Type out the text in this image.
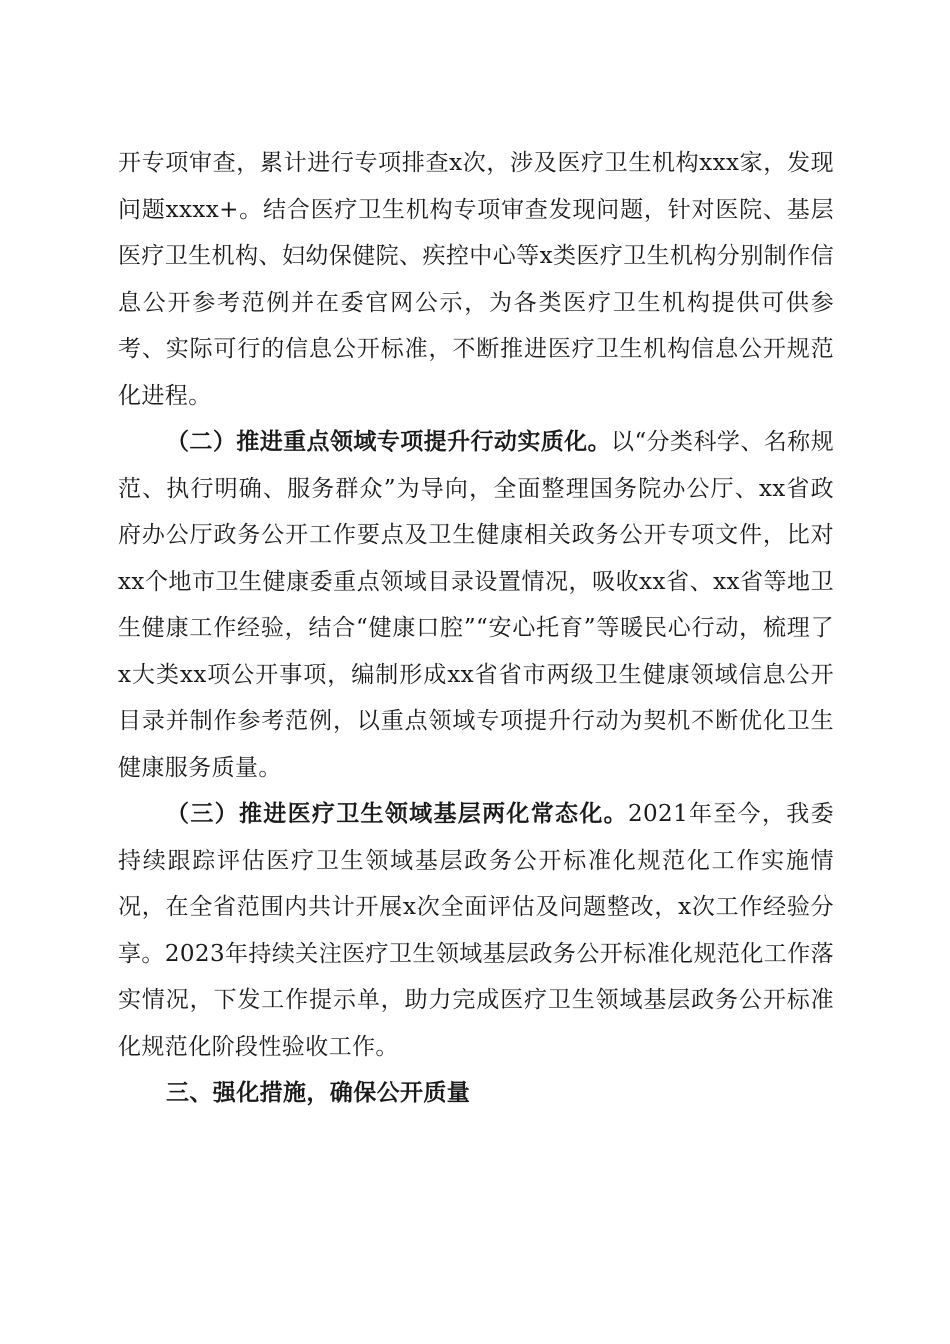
开专项审查，累计进行专项排查x次，涉及医疗卫生机构xxx家，发现问题xxxx+。结合医疗卫生机构专项审查发现问题，针对医院、基层医疗卫生机构、妇幼保健院、疾控中心等x类医疗卫生机构分别制作信息公开参考范例并在委官网公示，为各类医疗卫生机构提供可供参考、实际可行的信息公开标准，不断推进医疗卫生机构信息公开规范化进程。

（二）推进重点领域专项提升行动实质化。以“分类科学、名称规范、执行明确、服务群众”为导向，全面整理国务院办公厅、xx省政府办公厅政务公开工作要点及卫生健康相关政务公开专项文件，比对xx个地市卫生健康委重点领域目录设置情况，吸收xx省、xx省等地卫生健康工作经验，结合“健康口腔”“安心托育”等暖民心行动，梳理了x大类xx项公开事项，编制形成xx省省市两级卫生健康领域信息公开目录并制作参考范例，以重点领域专项提升行动为契机不断优化卫生健康服务质量。

（三）推进医疗卫生领域基层两化常态化。2021年至今，我委持续跟踪评估医疗卫生领域基层政务公开标准化规范化工作实施情况，在全省范围内共计开展x次全面评估及问题整改，x次工作经验分享。2023年持续关注医疗卫生领域基层政务公开标准化规范化工作落实情况，下发工作提示单，助力完成医疗卫生领域基层政务公开标准化规范化阶段性验收工作。

三、强化措施，确保公开质量
